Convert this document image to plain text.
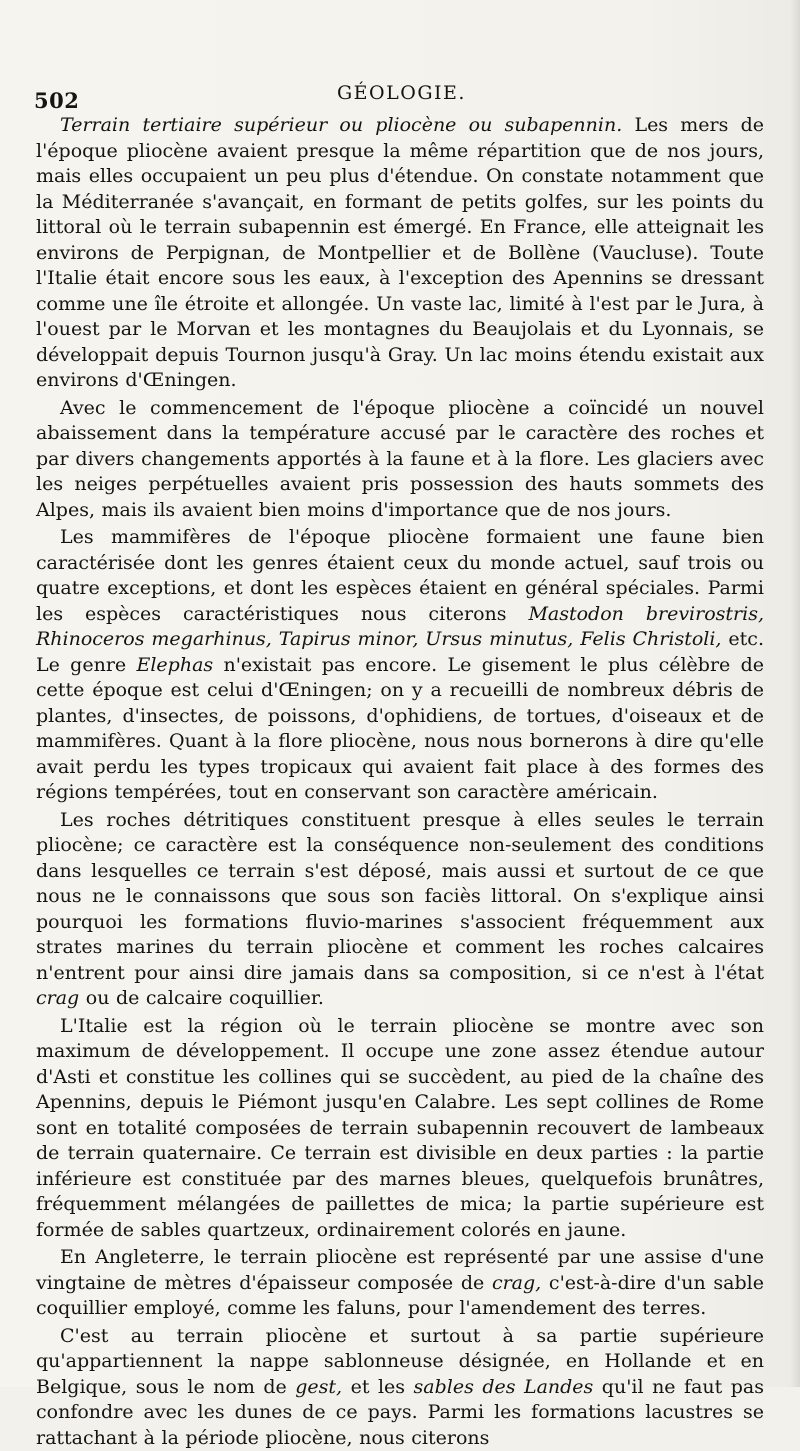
502	GÉOLOGIE.

Terrain tertiaire supérieur ou pliocène ou subapennin. Les mers de l'époque pliocène avaient presque la même répartition que de nos jours, mais elles occupaient un peu plus d'étendue. On constate notamment que la Méditerranée s'avançait, en formant de petits golfes, sur les points du littoral où le terrain subapennin est émergé. En France, elle atteignait les environs de Perpignan, de Montpellier et de Bollène (Vaucluse). Toute l'Italie était encore sous les eaux, à l'exception des Apennins se dressant comme une île étroite et allongée. Un vaste lac, limité à l'est par le Jura, à l'ouest par le Morvan et les montagnes du Beaujolais et du Lyonnais, se développait depuis Tournon jusqu'à Gray. Un lac moins étendu existait aux environs d'Œningen.

Avec le commencement de l'époque pliocène a coïncidé un nouvel abaissement dans la température accusé par le caractère des roches et par divers changements apportés à la faune et à la flore. Les glaciers avec les neiges perpétuelles avaient pris possession des hauts sommets des Alpes, mais ils avaient bien moins d'importance que de nos jours.

Les mammifères de l'époque pliocène formaient une faune bien caractérisée dont les genres étaient ceux du monde actuel, sauf trois ou quatre exceptions, et dont les espèces étaient en général spéciales. Parmi les espèces caractéristiques nous citerons Mastodon brevirostris, Rhinoceros megarhinus, Tapirus minor, Ursus minutus, Felis Christoli, etc. Le genre Elephas n'existait pas encore. Le gisement le plus célèbre de cette époque est celui d'Œningen; on y a recueilli de nombreux débris de plantes, d'insectes, de poissons, d'ophidiens, de tortues, d'oiseaux et de mammifères. Quant à la flore pliocène, nous nous bornerons à dire qu'elle avait perdu les types tropicaux qui avaient fait place à des formes des régions tempérées, tout en conservant son caractère américain.

Les roches détritiques constituent presque à elles seules le terrain pliocène; ce caractère est la conséquence non-seulement des conditions dans lesquelles ce terrain s'est déposé, mais aussi et surtout de ce que nous ne le connaissons que sous son faciès littoral. On s'explique ainsi pourquoi les formations fluvio-marines s'associent fréquemment aux strates marines du terrain pliocène et comment les roches calcaires n'entrent pour ainsi dire jamais dans sa composition, si ce n'est à l'état crag ou de calcaire coquillier.

L'Italie est la région où le terrain pliocène se montre avec son maximum de développement. Il occupe une zone assez étendue autour d'Asti et constitue les collines qui se succèdent, au pied de la chaîne des Apennins, depuis le Piémont jusqu'en Calabre. Les sept collines de Rome sont en totalité composées de terrain subapennin recouvert de lambeaux de terrain quaternaire. Ce terrain est divisible en deux parties : la partie inférieure est constituée par des marnes bleues, quelquefois brunâtres, fréquemment mélangées de paillettes de mica; la partie supérieure est formée de sables quartzeux, ordinairement colorés en jaune.

En Angleterre, le terrain pliocène est représenté par une assise d'une vingtaine de mètres d'épaisseur composée de crag, c'est-à-dire d'un sable coquillier employé, comme les faluns, pour l'amendement des terres.

C'est au terrain pliocène et surtout à sa partie supérieure qu'appartiennent la nappe sablonneuse désignée, en Hollande et en Belgique, sous le nom de gest, et les sables des Landes qu'il ne faut pas confondre avec les dunes de ce pays. Parmi les formations lacustres se rattachant à la période pliocène, nous citerons
